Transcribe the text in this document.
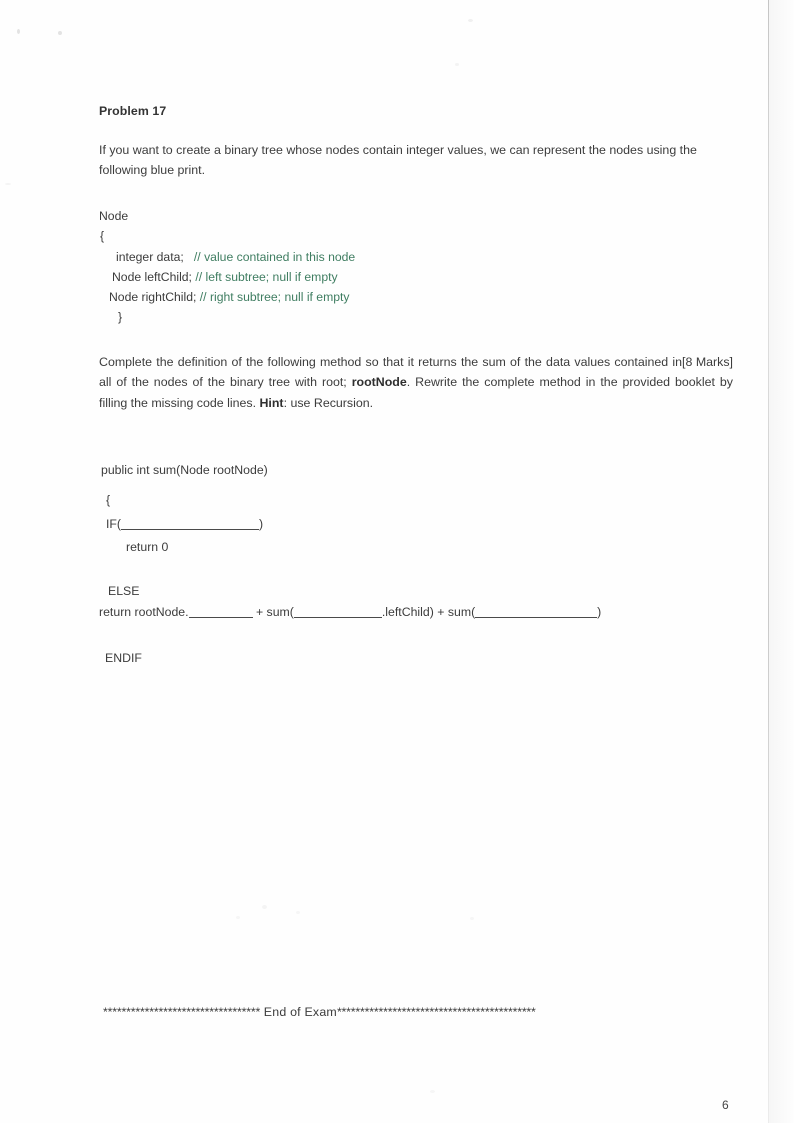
Problem 17

If you want to create a binary tree whose nodes contain integer values, we can represent the nodes using the following blue print.

Node
{
integer data;   // value contained in this node
Node leftChild; // left subtree; null if empty
Node rightChild; // right subtree; null if empty
}

[8 Marks]
Complete the definition of the following method so that it returns the sum of the data values contained in all of the nodes of the binary tree with root; rootNode. Rewrite the complete method in the provided booklet by filling the missing code lines. Hint: use Recursion.

public int sum(Node rootNode)
{
IF(	)
return 0
ELSE
return rootNode.	+ sum(	.leftChild) + sum(	)
ENDIF
********************************** End of Exam*******************************************
6
